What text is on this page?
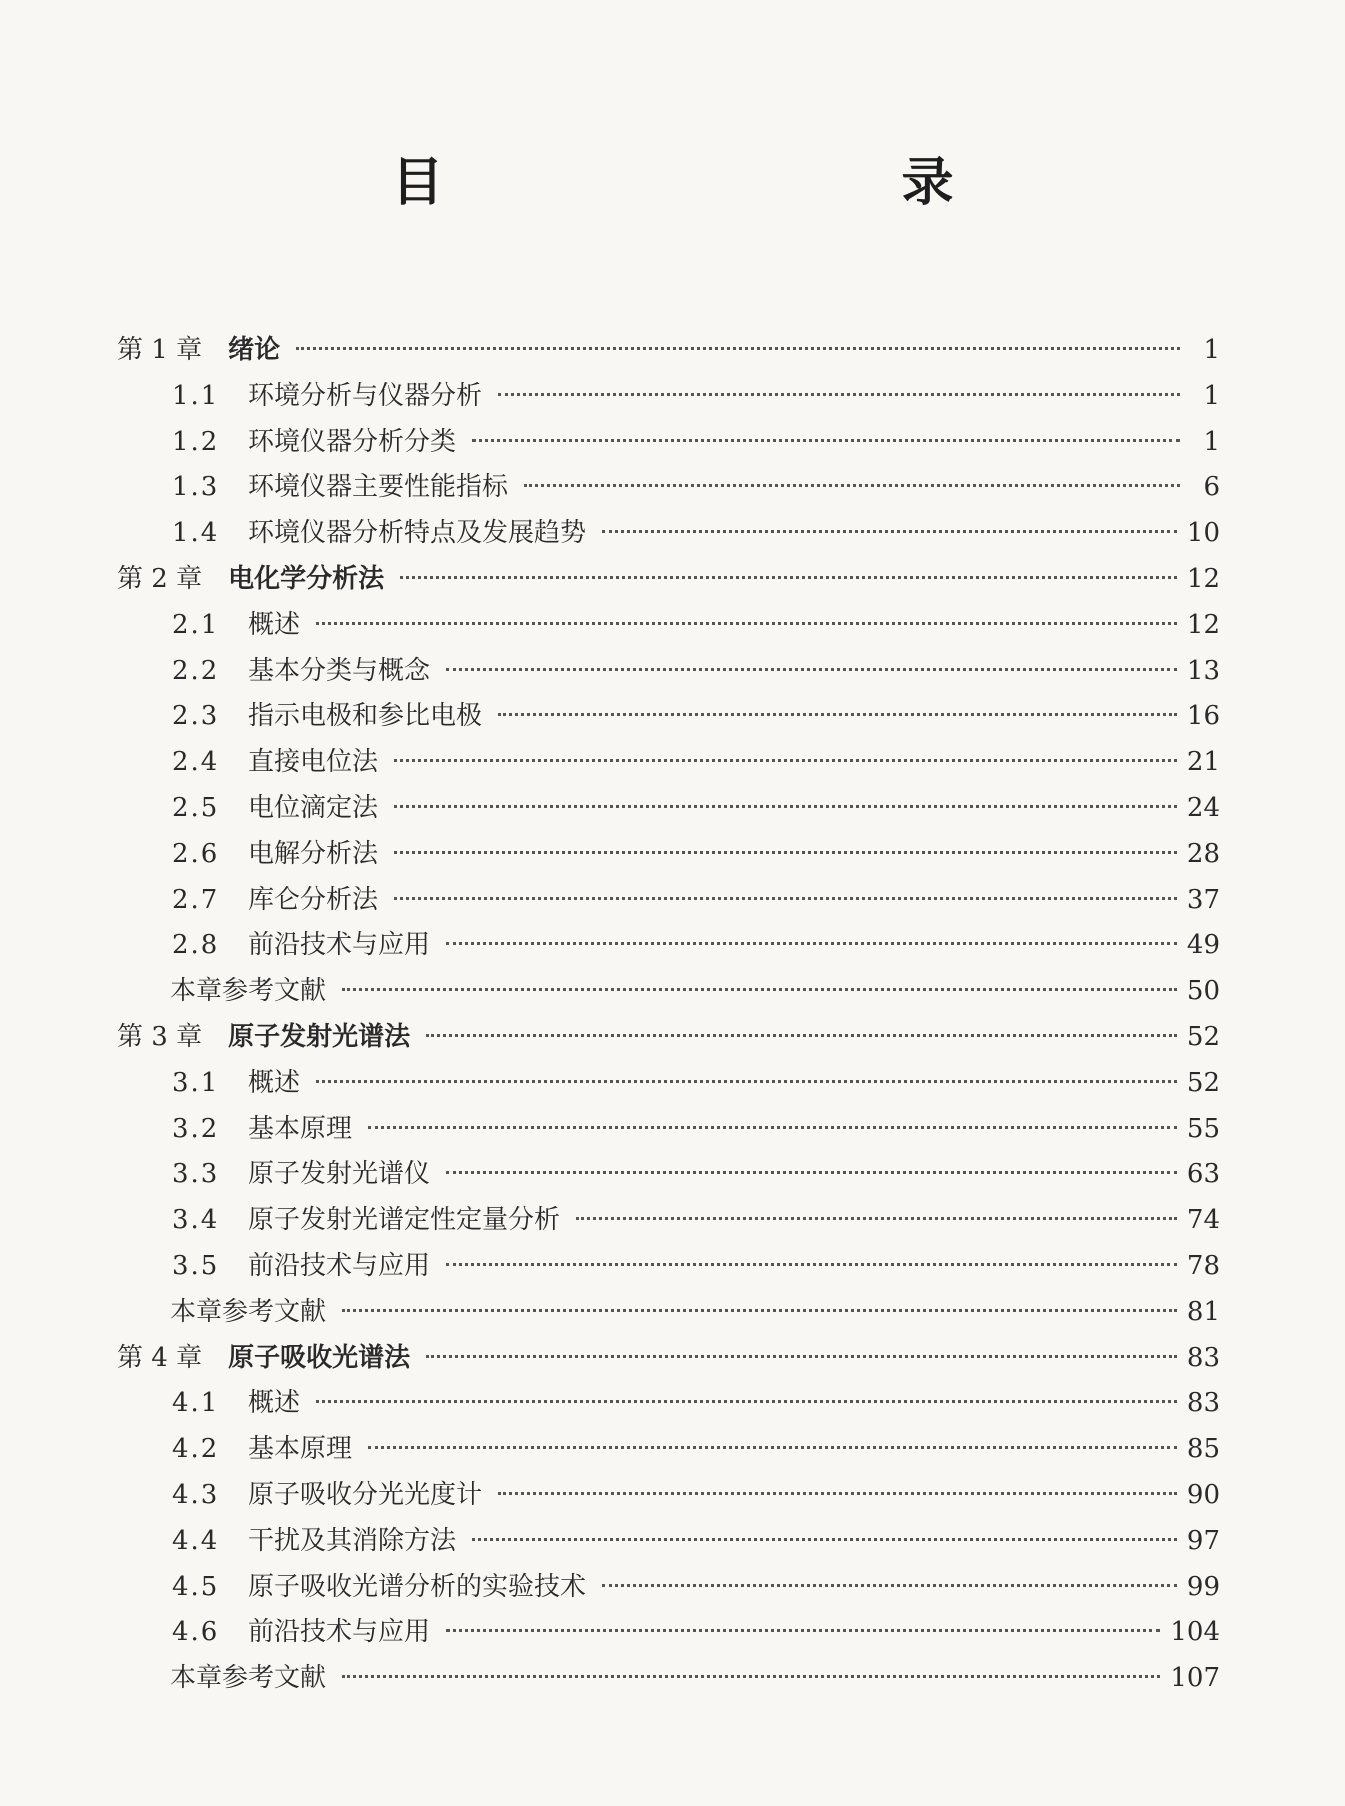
目　　录
第 1 章 绪论	1
1.1	环境分析与仪器分析	1
1.2	环境仪器分析分类	1
1.3	环境仪器主要性能指标	6
1.4	环境仪器分析特点及发展趋势	10
第 2 章 电化学分析法	12
2.1	概述	12
2.2	基本分类与概念	13
2.3	指示电极和参比电极	16
2.4	直接电位法	21
2.5	电位滴定法	24
2.6	电解分析法	28
2.7	库仑分析法	37
2.8	前沿技术与应用	49
本章参考文献	50
第 3 章 原子发射光谱法	52
3.1	概述	52
3.2	基本原理	55
3.3	原子发射光谱仪	63
3.4	原子发射光谱定性定量分析	74
3.5	前沿技术与应用	78
本章参考文献	81
第 4 章 原子吸收光谱法	83
4.1	概述	83
4.2	基本原理	85
4.3	原子吸收分光光度计	90
4.4	干扰及其消除方法	97
4.5	原子吸收光谱分析的实验技术	99
4.6	前沿技术与应用	104
本章参考文献	107
